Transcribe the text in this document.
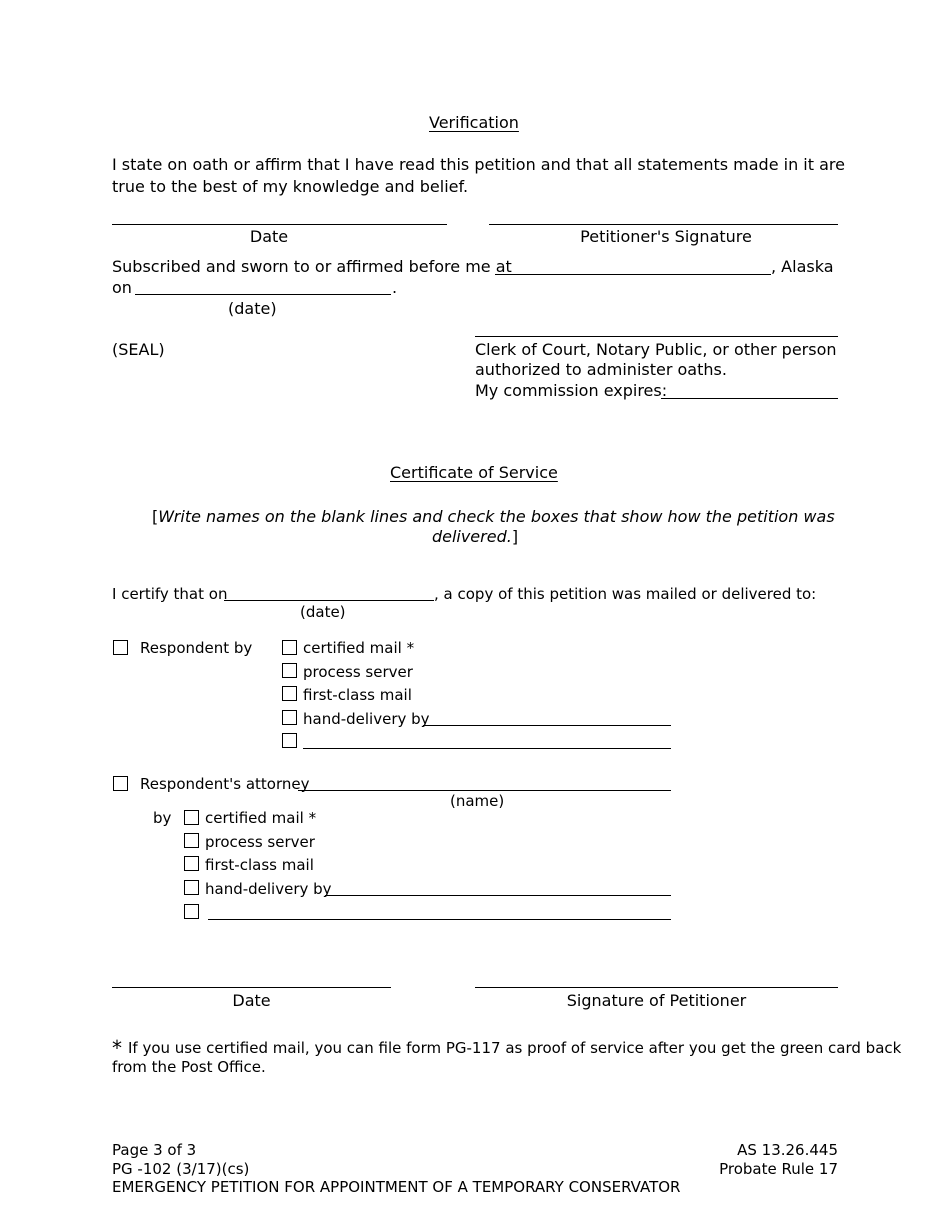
Verification
I state on oath or affirm that I have read this petition and that all statements made in it are
true to the best of my knowledge and belief.
Date	Petitioner's Signature
Subscribed and sworn to or affirmed before me at	, Alaska
on	.
(date)
(SEAL)	Clerk of Court, Notary Public, or other person
authorized to administer oaths.
My commission expires:
Certificate of Service
[Write names on the blank lines and check the boxes that show how the petition was
delivered.]
I certify that on	, a copy of this petition was mailed or delivered to:
(date)
Respondent by	certified mail *
process server
first-class mail
hand-delivery by
Respondent's attorney
(name)
by certified mail *
process server
first-class mail
hand-delivery by
Date	Signature of Petitioner
* If you use certified mail, you can file form PG-117 as proof of service after you get the green card back
from the Post Office.
Page 3 of 3
PG -102 (3/17)(cs)
EMERGENCY PETITION FOR APPOINTMENT OF A TEMPORARY CONSERVATOR
AS 13.26.445
Probate Rule 17
